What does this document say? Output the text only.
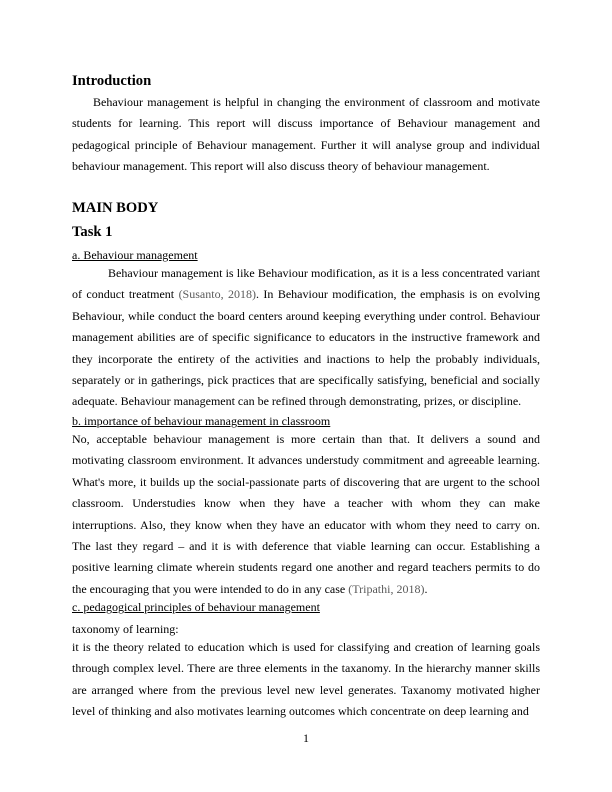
Introduction
Behaviour management is helpful in changing the environment of classroom and motivate students for learning. This report will discuss importance of Behaviour management and pedagogical principle of Behaviour management. Further it will analyse group and individual behaviour management. This report will also discuss theory of behaviour management.
MAIN BODY
Task 1
a. Behaviour management
Behaviour management is like Behaviour modification, as it is a less concentrated variant of conduct treatment (Susanto, 2018). In Behaviour modification, the emphasis is on evolving Behaviour, while conduct the board centers around keeping everything under control. Behaviour management abilities are of specific significance to educators in the instructive framework and they incorporate the entirety of the activities and inactions to help the probably individuals, separately or in gatherings, pick practices that are specifically satisfying, beneficial and socially adequate. Behaviour management can be refined through demonstrating, prizes, or discipline.
b. importance of behaviour management in classroom
No, acceptable behaviour management is more certain than that. It delivers a sound and motivating classroom environment. It advances understudy commitment and agreeable learning. What's more, it builds up the social-passionate parts of discovering that are urgent to the school classroom. Understudies know when they have a teacher with whom they can make interruptions. Also, they know when they have an educator with whom they need to carry on. The last they regard – and it is with deference that viable learning can occur. Establishing a positive learning climate wherein students regard one another and regard teachers permits to do the encouraging that you were intended to do in any case (Tripathi, 2018).
c. pedagogical principles of behaviour management
taxonomy of learning:
it is the theory related to education which is used for classifying and creation of learning goals through complex level. There are three elements in the taxanomy. In the hierarchy manner skills are arranged where from the previous level new level generates. Taxanomy motivated higher level of thinking and also motivates learning outcomes which concentrate on deep learning and
1
